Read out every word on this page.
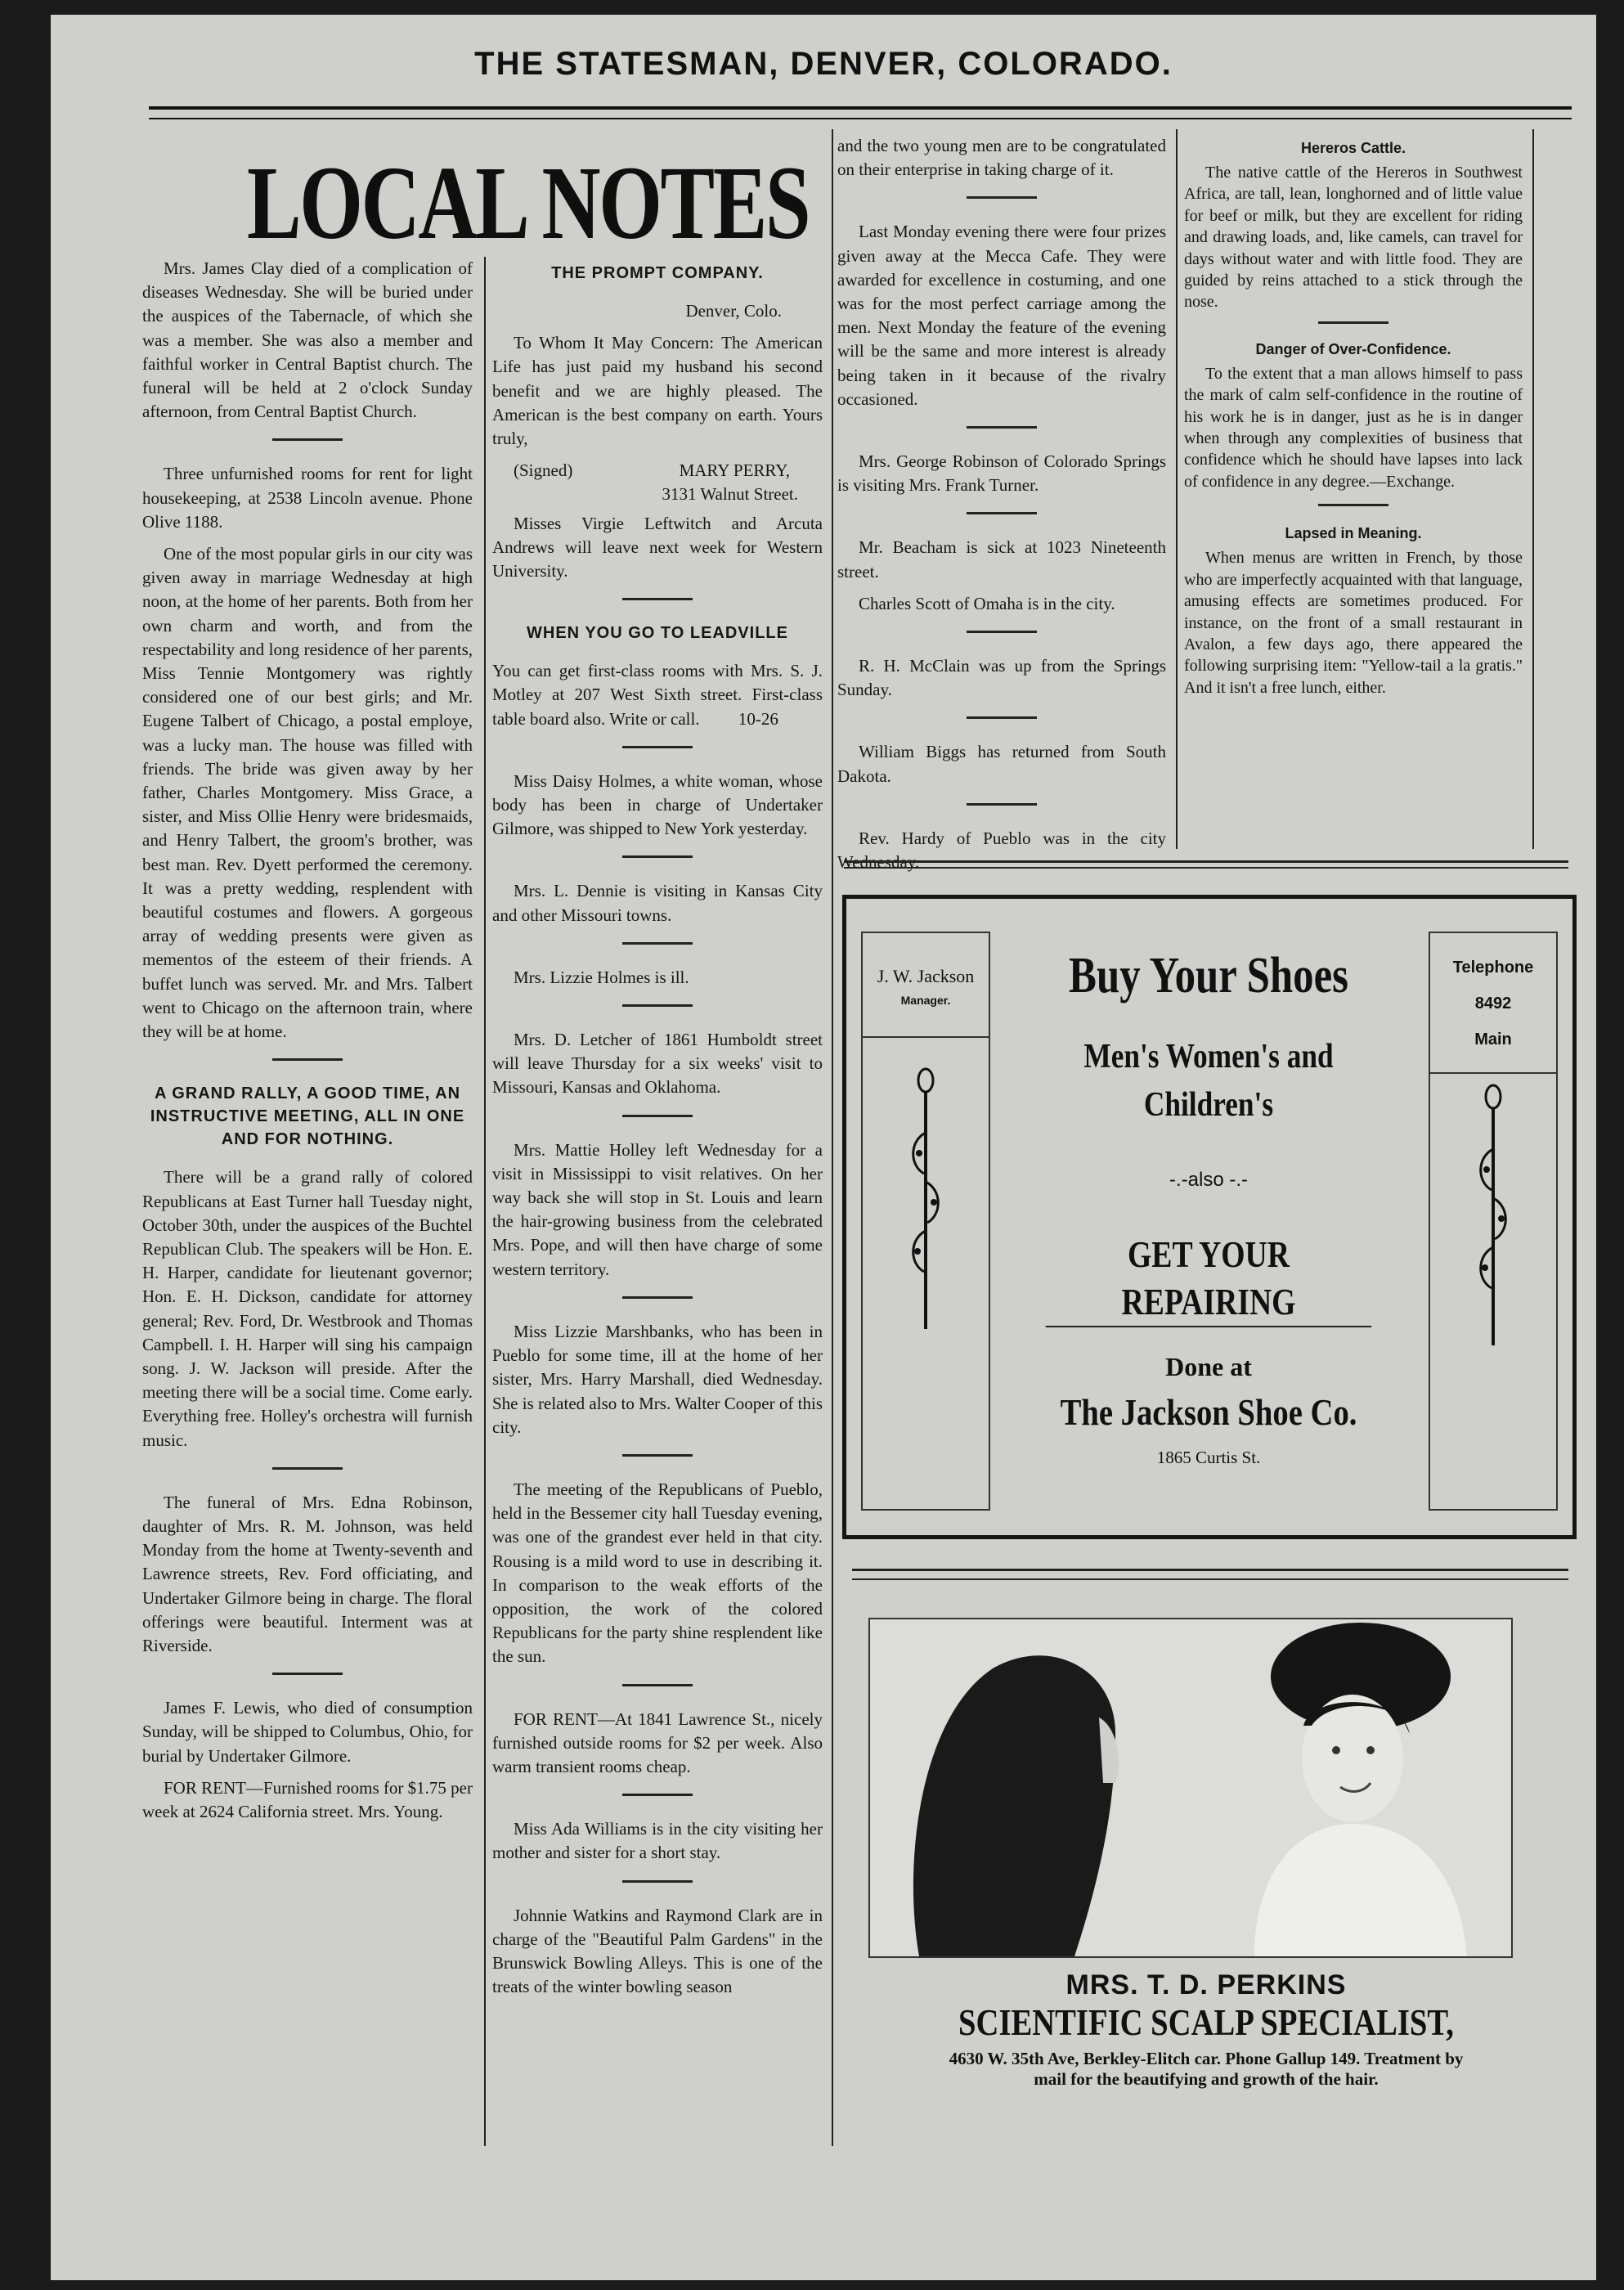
THE STATESMAN, DENVER, COLORADO.
LOCAL NOTES

Mrs. James Clay died of a complication of diseases Wednesday. She will be buried under the auspices of the Tabernacle, of which she was a member. She was also a member and faithful worker in Central Baptist church. The funeral will be held at 2 o'clock Sunday afternoon, from Central Baptist Church.

Three unfurnished rooms for rent for light housekeeping, at 2538 Lincoln avenue. Phone Olive 1188.

One of the most popular girls in our city was given away in marriage Wednesday at high noon, at the home of her parents. Both from her own charm and worth, and from the respectability and long residence of her parents, Miss Tennie Montgomery was rightly considered one of our best girls; and Mr. Eugene Talbert of Chicago, a postal employe, was a lucky man. The house was filled with friends. The bride was given away by her father, Charles Montgomery. Miss Grace, a sister, and Miss Ollie Henry were bridesmaids, and Henry Talbert, the groom's brother, was best man. Rev. Dyett performed the ceremony. It was a pretty wedding, resplendent with beautiful costumes and flowers. A gorgeous array of wedding presents were given as mementos of the esteem of their friends. A buffet lunch was served. Mr. and Mrs. Talbert went to Chicago on the afternoon train, where they will be at home.

A GRAND RALLY, A GOOD TIME, AN INSTRUCTIVE MEETING, ALL IN ONE AND FOR NOTHING.

There will be a grand rally of colored Republicans at East Turner hall Tuesday night, October 30th, under the auspices of the Buchtel Republican Club. The speakers will be Hon. E. H. Harper, candidate for lieutenant governor; Hon. E. H. Dickson, candidate for attorney general; Rev. Ford, Dr. Westbrook and Thomas Campbell. I. H. Harper will sing his campaign song. J. W. Jackson will preside. After the meeting there will be a social time. Come early. Everything free. Holley's orchestra will furnish music.

The funeral of Mrs. Edna Robinson, daughter of Mrs. R. M. Johnson, was held Monday from the home at Twenty-seventh and Lawrence streets, Rev. Ford officiating, and Undertaker Gilmore being in charge. The floral offerings were beautiful. Interment was at Riverside.

James F. Lewis, who died of consumption Sunday, will be shipped to Columbus, Ohio, for burial by Undertaker Gilmore.

FOR RENT—Furnished rooms for $1.75 per week at 2624 California street. Mrs. Young.

THE PROMPT COMPANY.

Denver, Colo.

To Whom It May Concern: The American Life has just paid my husband his second benefit and we are highly pleased. The American is the best company on earth. Yours truly,

(Signed)	MARY PERRY,
3131 Walnut Street.

Misses Virgie Leftwitch and Arcuta Andrews will leave next week for Western University.

WHEN YOU GO TO LEADVILLE

You can get first-class rooms with Mrs. S. J. Motley at 207 West Sixth street. First-class table board also. Write or call. 10-26

Miss Daisy Holmes, a white woman, whose body has been in charge of Undertaker Gilmore, was shipped to New York yesterday.

Mrs. L. Dennie is visiting in Kansas City and other Missouri towns.

Mrs. Lizzie Holmes is ill.

Mrs. D. Letcher of 1861 Humboldt street will leave Thursday for a six weeks' visit to Missouri, Kansas and Oklahoma.

Mrs. Mattie Holley left Wednesday for a visit in Mississippi to visit relatives. On her way back she will stop in St. Louis and learn the hair-growing business from the celebrated Mrs. Pope, and will then have charge of some western territory.

Miss Lizzie Marshbanks, who has been in Pueblo for some time, ill at the home of her sister, Mrs. Harry Marshall, died Wednesday. She is related also to Mrs. Walter Cooper of this city.

The meeting of the Republicans of Pueblo, held in the Bessemer city hall Tuesday evening, was one of the grandest ever held in that city. Rousing is a mild word to use in describing it. In comparison to the weak efforts of the opposition, the work of the colored Republicans for the party shine resplendent like the sun.

FOR RENT—At 1841 Lawrence St., nicely furnished outside rooms for $2 per week. Also warm transient rooms cheap.

Miss Ada Williams is in the city visiting her mother and sister for a short stay.

Johnnie Watkins and Raymond Clark are in charge of the "Beautiful Palm Gardens" in the Brunswick Bowling Alleys. This is one of the treats of the winter bowling season

and the two young men are to be congratulated on their enterprise in taking charge of it.

Last Monday evening there were four prizes given away at the Mecca Cafe. They were awarded for excellence in costuming, and one was for the most perfect carriage among the men. Next Monday the feature of the evening will be the same and more interest is already being taken in it because of the rivalry occasioned.

Mrs. George Robinson of Colorado Springs is visiting Mrs. Frank Turner.

Mr. Beacham is sick at 1023 Nineteenth street.

Charles Scott of Omaha is in the city.

R. H. McClain was up from the Springs Sunday.

William Biggs has returned from South Dakota.

Rev. Hardy of Pueblo was in the city Wednesday.

Hereros Cattle.

The native cattle of the Hereros in Southwest Africa, are tall, lean, longhorned and of little value for beef or milk, but they are excellent for riding and drawing loads, and, like camels, can travel for days without water and with little food. They are guided by reins attached to a stick through the nose.

Danger of Over-Confidence.

To the extent that a man allows himself to pass the mark of calm self-confidence in the routine of his work he is in danger, just as he is in danger when through any complexities of business that confidence which he should have lapses into lack of confidence in any degree.—Exchange.

Lapsed in Meaning.

When menus are written in French, by those who are imperfectly acquainted with that language, amusing effects are sometimes produced. For instance, on the front of a small restaurant in Avalon, a few days ago, there appeared the following surprising item: "Yellow-tail a la gratis." And it isn't a free lunch, either.

J. W. Jackson
Manager.
Telephone
8492
Main
Buy Your Shoes
Men's Women's and
Children's
-.-also -.-
GET YOUR REPAIRING
Done at
The Jackson Shoe Co.
1865 Curtis St.
MRS. T. D. PERKINS
SCIENTIFIC SCALP SPECIALIST,
4630 W. 35th Ave, Berkley-Elitch car. Phone Gallup 149. Treatment by
mail for the beautifying and growth of the hair.
